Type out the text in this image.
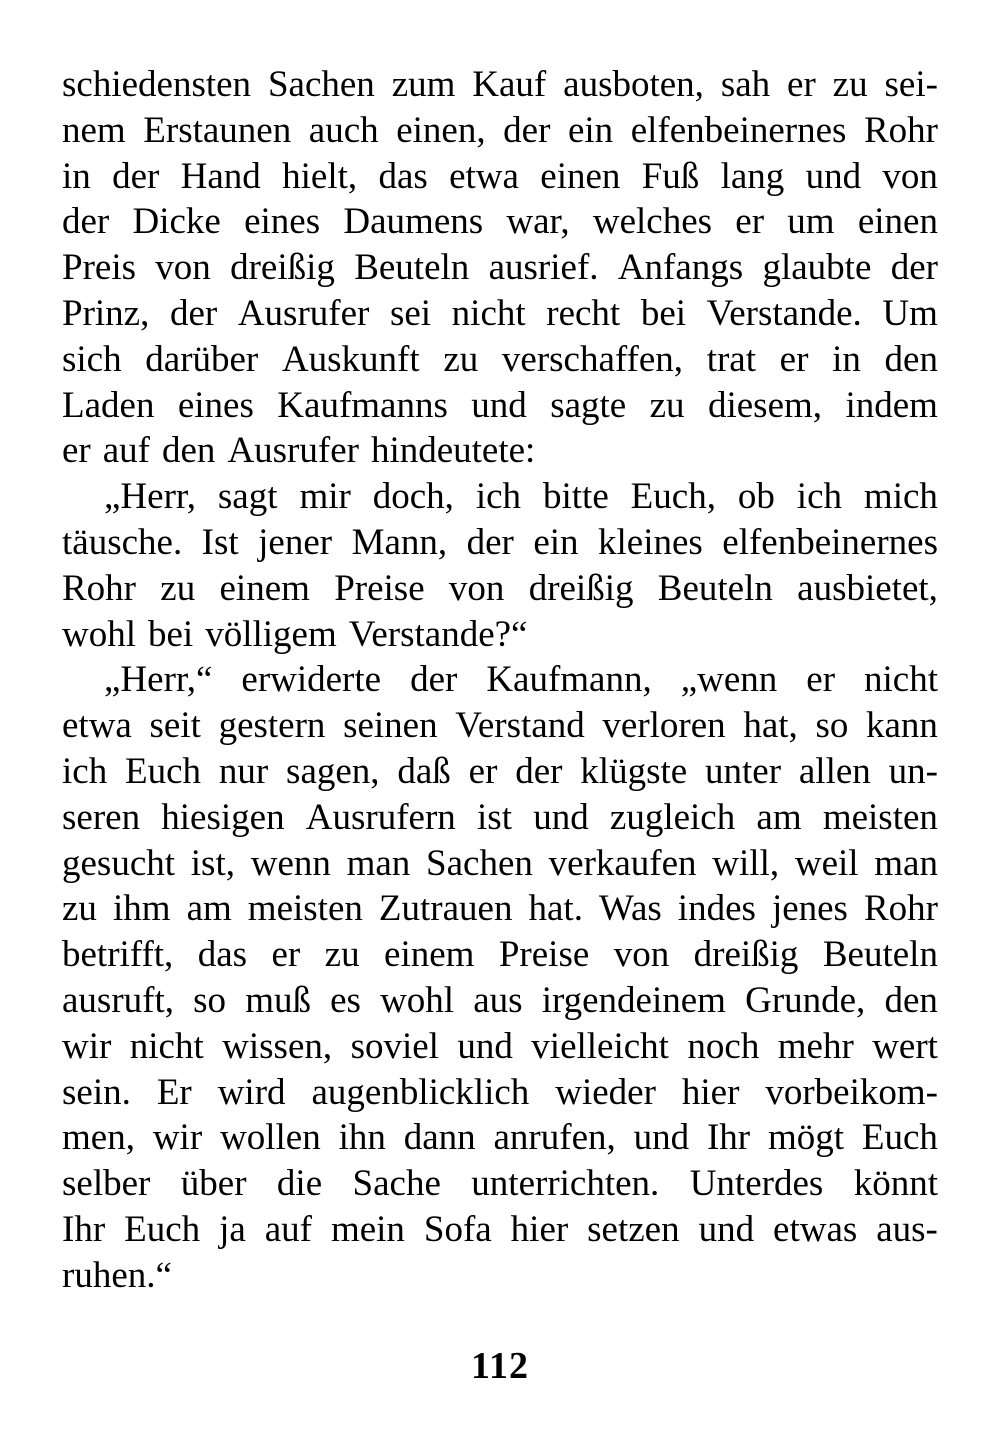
schiedensten Sachen zum Kauf ausboten, sah er zu sei-
nem Erstaunen auch einen, der ein elfenbeinernes Rohr
in der Hand hielt, das etwa einen Fuß lang und von
der Dicke eines Daumens war, welches er um einen
Preis von dreißig Beuteln ausrief. Anfangs glaubte der
Prinz, der Ausrufer sei nicht recht bei Verstande. Um
sich darüber Auskunft zu verschaffen, trat er in den
Laden eines Kaufmanns und sagte zu diesem, indem
er auf den Ausrufer hindeutete:
„Herr, sagt mir doch, ich bitte Euch, ob ich mich
täusche. Ist jener Mann, der ein kleines elfenbeinernes
Rohr zu einem Preise von dreißig Beuteln ausbietet,
wohl bei völligem Verstande?“
„Herr,“ erwiderte der Kaufmann, „wenn er nicht
etwa seit gestern seinen Verstand verloren hat, so kann
ich Euch nur sagen, daß er der klügste unter allen un-
seren hiesigen Ausrufern ist und zugleich am meisten
gesucht ist, wenn man Sachen verkaufen will, weil man
zu ihm am meisten Zutrauen hat. Was indes jenes Rohr
betrifft, das er zu einem Preise von dreißig Beuteln
ausruft, so muß es wohl aus irgendeinem Grunde, den
wir nicht wissen, soviel und vielleicht noch mehr wert
sein. Er wird augenblicklich wieder hier vorbeikom-
men, wir wollen ihn dann anrufen, und Ihr mögt Euch
selber über die Sache unterrichten. Unterdes könnt
Ihr Euch ja auf mein Sofa hier setzen und etwas aus-
ruhen.“
112
